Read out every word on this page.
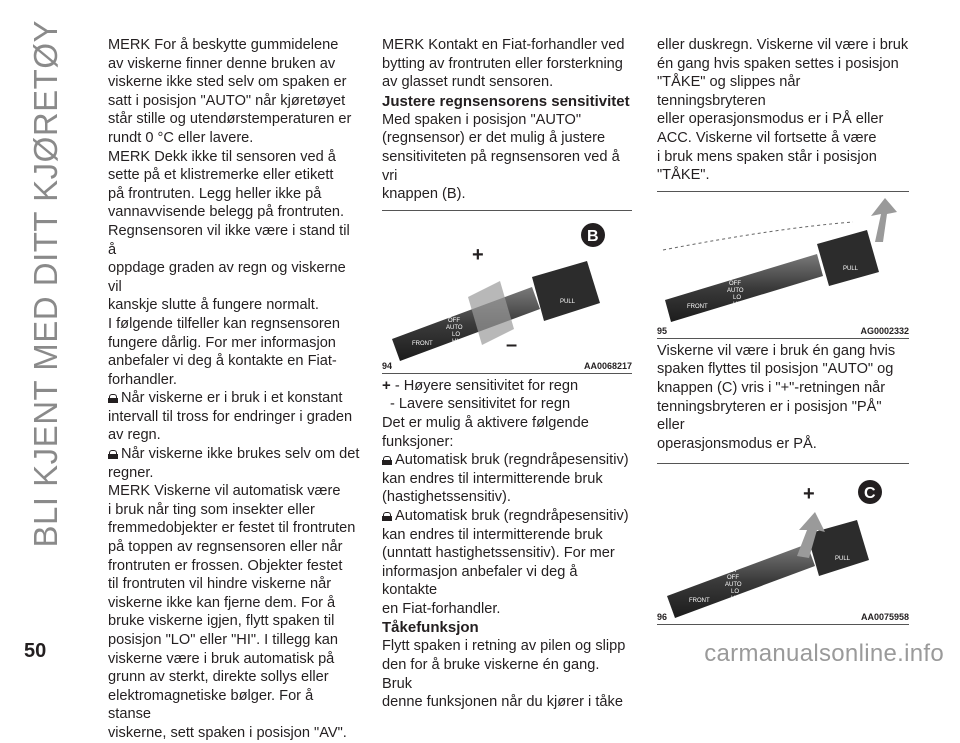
BLI KJENT MED DITT KJØRETØY	MERK For å beskytte gummidelene

av viskerne finner denne bruken av

viskerne ikke sted selv om spaken er

satt i posisjon "AUTO" når kjøretøyet

står stille og utendørstemperaturen er

rundt 0 °C eller lavere.

MERK Dekk ikke til sensoren ved å

sette på et klistremerke eller etikett

på frontruten. Legg heller ikke på

vannavvisende belegg på frontruten.

Regnsensoren vil ikke være i stand til å

oppdage graden av regn og viskerne vil

kanskje slutte å fungere normalt.

I følgende tilfeller kan regnsensoren

fungere dårlig. For mer informasjon

anbefaler vi deg å kontakte en Fiat-

forhandler.

Når viskerne er i bruk i et konstant

intervall til tross for endringer i graden

av regn.

Når viskerne ikke brukes selv om det

regner.

MERK Viskerne vil automatisk være

i bruk når ting som insekter eller

fremmedobjekter er festet til frontruten

på toppen av regnsensoren eller når

frontruten er frossen. Objekter festet

til frontruten vil hindre viskerne når

viskerne ikke kan fjerne dem. For å

bruke viskerne igjen, flytt spaken til

posisjon "LO" eller "HI". I tillegg kan

viskerne være i bruk automatisk på

grunn av sterkt, direkte sollys eller

elektromagnetiske bølger. For å stanse

viskerne, sett spaken i posisjon "AV".

MERK Kontakt en Fiat-forhandler ved

bytting av frontruten eller forsterkning

av glasset rundt sensoren.

Justere regnsensorens sensitivitet

Med spaken i posisjon "AUTO"

(regnsensor) er det mulig å justere

sensitiviteten på regnsensoren ved å vri

knappen (B).

+
–
B
MIST
OFF
AUTO
LO
HI
FRONT
PULL
94	AA0068217

+ - Høyere sensitivitet for regn

- Lavere sensitivitet for regn

Det er mulig å aktivere følgende

funksjoner:

Automatisk bruk (regndråpesensitiv)

kan endres til intermitterende bruk

(hastighetssensitiv).

Automatisk bruk (regndråpesensitiv)

kan endres til intermitterende bruk

(unntatt hastighetssensitiv). For mer

informasjon anbefaler vi deg å kontakte

en Fiat-forhandler.

Tåkefunksjon

Flytt spaken i retning av pilen og slipp

den for å bruke viskerne én gang. Bruk

denne funksjonen når du kjører i tåke

eller duskregn. Viskerne vil være i bruk

én gang hvis spaken settes i posisjon

"TÅKE" og slippes når tenningsbryteren

eller operasjonsmodus er i PÅ eller

ACC. Viskerne vil fortsette å være

i bruk mens spaken står i posisjon

"TÅKE".

MIST
OFF
AUTO
LO
HI
FRONT
PULL
95	AG0002332

Viskerne vil være i bruk én gang hvis

spaken flyttes til posisjon "AUTO" og

knappen (C) vris i "+"-retningen når

tenningsbryteren er i posisjon "PÅ" eller

operasjonsmodus er PÅ.

+	C
MIST
OFF
AUTO
LO
HI
FRONT
PULL
96	AA0075958
50	carmanualsonline.info
